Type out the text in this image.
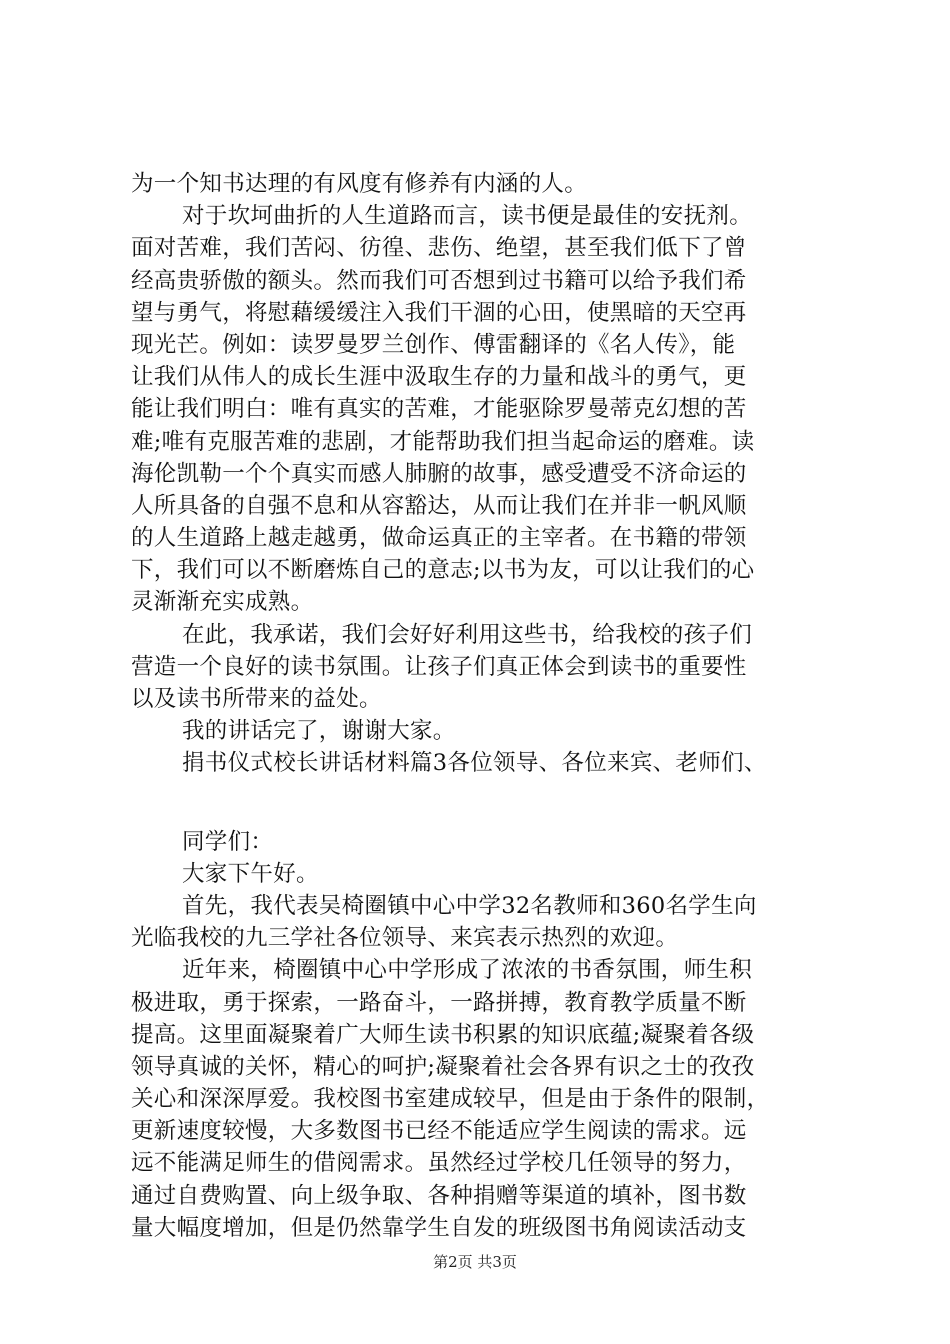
为一个知书达理的有风度有修养有内涵的人。
对于坎坷曲折的人生道路而言，读书便是最佳的安抚剂。
面对苦难，我们苦闷、彷徨、悲伤、绝望，甚至我们低下了曾
经高贵骄傲的额头。然而我们可否想到过书籍可以给予我们希
望与勇气，将慰藉缓缓注入我们干涸的心田，使黑暗的天空再
现光芒。例如：读罗曼罗兰创作、傅雷翻译的《名人传》，能
让我们从伟人的成长生涯中汲取生存的力量和战斗的勇气，更
能让我们明白：唯有真实的苦难，才能驱除罗曼蒂克幻想的苦
难;唯有克服苦难的悲剧，才能帮助我们担当起命运的磨难。读
海伦凯勒一个个真实而感人肺腑的故事，感受遭受不济命运的
人所具备的自强不息和从容豁达，从而让我们在并非一帆风顺
的人生道路上越走越勇，做命运真正的主宰者。在书籍的带领
下，我们可以不断磨炼自己的意志;以书为友，可以让我们的心
灵渐渐充实成熟。
在此，我承诺，我们会好好利用这些书，给我校的孩子们
营造一个良好的读书氛围。让孩子们真正体会到读书的重要性
以及读书所带来的益处。
我的讲话完了，谢谢大家。
捐书仪式校长讲话材料篇3各位领导、各位来宾、老师们、
同学们：
大家下午好。
首先，我代表吴椅圈镇中心中学32名教师和360名学生向
光临我校的九三学社各位领导、来宾表示热烈的欢迎。
近年来，椅圈镇中心中学形成了浓浓的书香氛围，师生积
极进取，勇于探索，一路奋斗，一路拼搏，教育教学质量不断
提高。这里面凝聚着广大师生读书积累的知识底蕴;凝聚着各级
领导真诚的关怀，精心的呵护;凝聚着社会各界有识之士的孜孜
关心和深深厚爱。我校图书室建成较早，但是由于条件的限制，
更新速度较慢，大多数图书已经不能适应学生阅读的需求。远
远不能满足师生的借阅需求。虽然经过学校几任领导的努力，
通过自费购置、向上级争取、各种捐赠等渠道的填补，图书数
量大幅度增加，但是仍然靠学生自发的班级图书角阅读活动支
第2页 共3页
